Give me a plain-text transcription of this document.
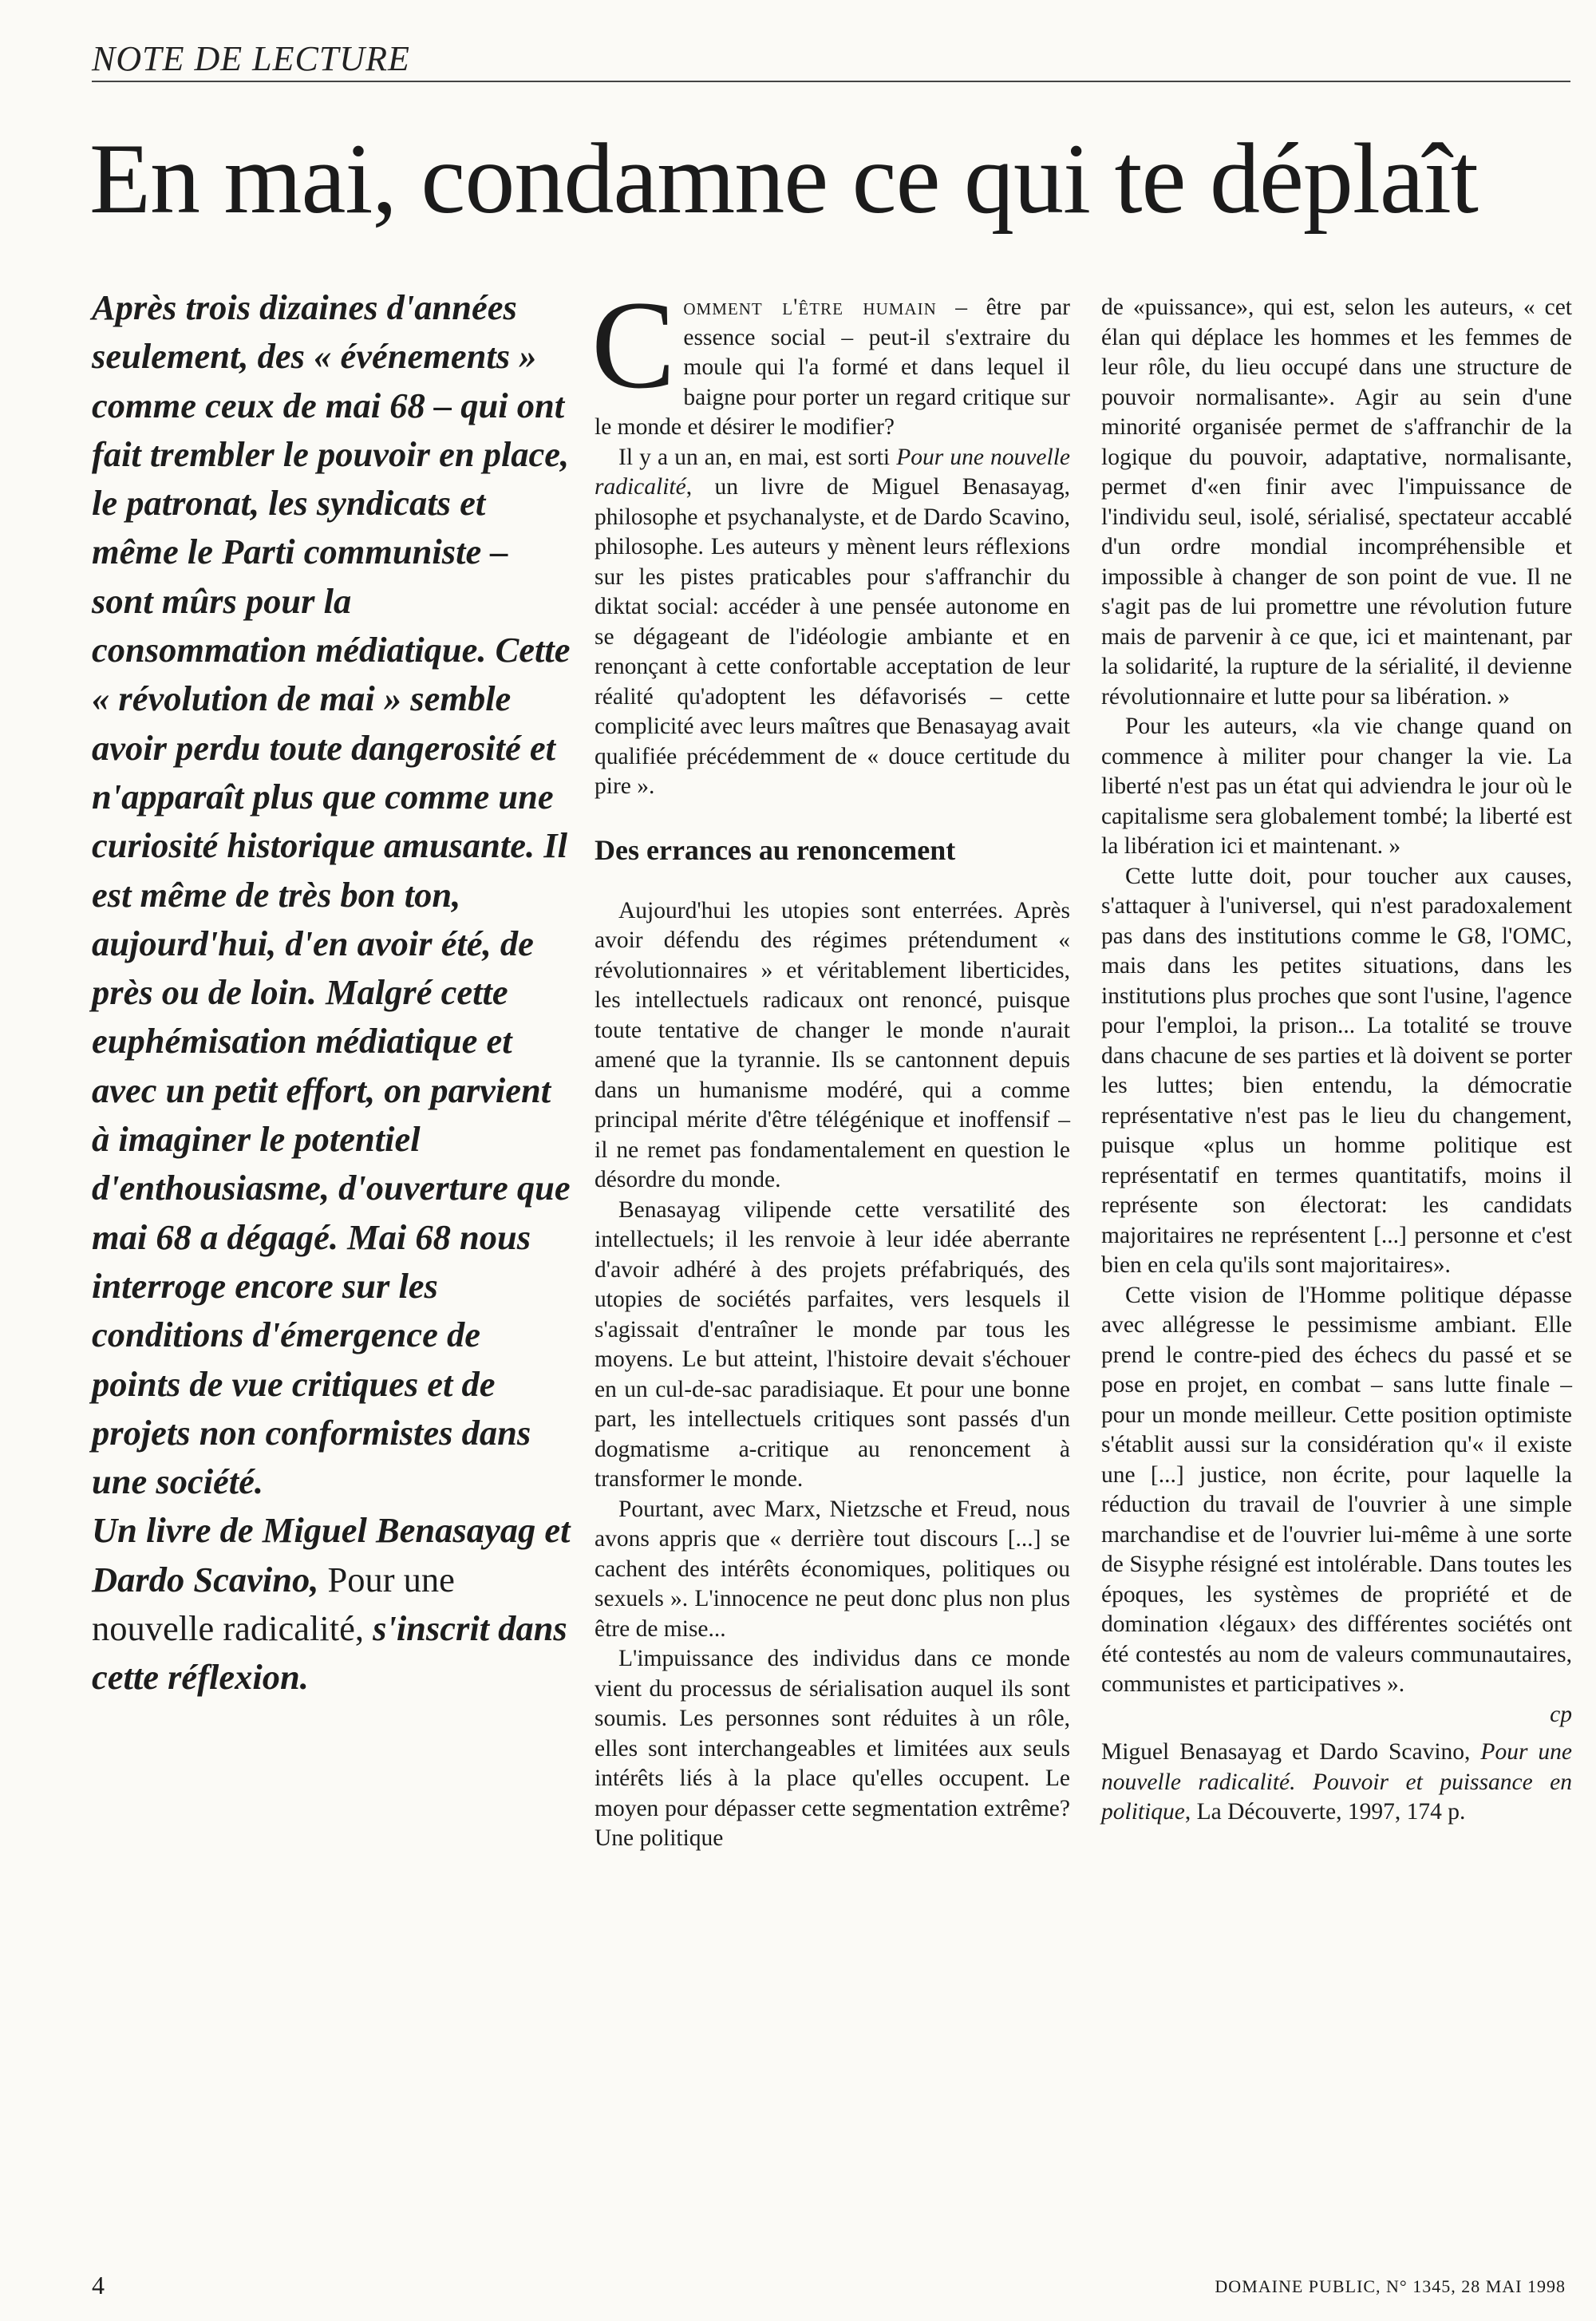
NOTE DE LECTURE
En mai, condamne ce qui te déplaît

Après trois dizaines d'années seulement, des « événements » comme ceux de mai 68 – qui ont fait trembler le pouvoir en place, le patronat, les syndicats et même le Parti communiste – sont mûrs pour la consommation médiatique. Cette « révolution de mai » semble avoir perdu toute dangerosité et n'apparaît plus que comme une curiosité historique amusante. Il est même de très bon ton, aujourd'hui, d'en avoir été, de près ou de loin. Malgré cette euphémisation médiatique et avec un petit effort, on parvient à imaginer le potentiel d'enthousiasme, d'ouverture que mai 68 a dégagé. Mai 68 nous interroge encore sur les conditions d'émergence de points de vue critiques et de projets non conformistes dans une société.

Un livre de Miguel Benasayag et Dardo Scavino, Pour une nouvelle radicalité, s'inscrit dans cette réflexion.

Comment l'être humain – être par essence social – peut-il s'extraire du moule qui l'a formé et dans lequel il baigne pour porter un regard critique sur le monde et désirer le modifier?

Il y a un an, en mai, est sorti Pour une nouvelle radicalité, un livre de Miguel Benasayag, philosophe et psychanalyste, et de Dardo Scavino, philosophe. Les auteurs y mènent leurs réflexions sur les pistes praticables pour s'affranchir du diktat social: accéder à une pensée autonome en se dégageant de l'idéologie ambiante et en renonçant à cette confortable acceptation de leur réalité qu'adoptent les défavorisés – cette complicité avec leurs maîtres que Benasayag avait qualifiée précédemment de « douce certitude du pire ».

Des errances au renoncement

Aujourd'hui les utopies sont enterrées. Après avoir défendu des régimes prétendument « révolutionnaires » et véritablement liberticides, les intellectuels radicaux ont renoncé, puisque toute tentative de changer le monde n'aurait amené que la tyrannie. Ils se cantonnent depuis dans un humanisme modéré, qui a comme principal mérite d'être télégénique et inoffensif – il ne remet pas fondamentalement en question le désordre du monde.

Benasayag vilipende cette versatilité des intellectuels; il les renvoie à leur idée aberrante d'avoir adhéré à des projets préfabriqués, des utopies de sociétés parfaites, vers lesquels il s'agissait d'entraîner le monde par tous les moyens. Le but atteint, l'histoire devait s'échouer en un cul-de-sac paradisiaque. Et pour une bonne part, les intellectuels critiques sont passés d'un dogmatisme a-critique au renoncement à transformer le monde.

Pourtant, avec Marx, Nietzsche et Freud, nous avons appris que « derrière tout discours [...] se cachent des intérêts économiques, politiques ou sexuels ». L'innocence ne peut donc plus non plus être de mise...

L'impuissance des individus dans ce monde vient du processus de sérialisation auquel ils sont soumis. Les personnes sont réduites à un rôle, elles sont interchangeables et limitées aux seuls intérêts liés à la place qu'elles occupent. Le moyen pour dépasser cette segmentation extrême? Une politique

de «puissance», qui est, selon les auteurs, « cet élan qui déplace les hommes et les femmes de leur rôle, du lieu occupé dans une structure de pouvoir normalisante». Agir au sein d'une minorité organisée permet de s'affranchir de la logique du pouvoir, adaptative, normalisante, permet d'«en finir avec l'impuissance de l'individu seul, isolé, sérialisé, spectateur accablé d'un ordre mondial incompréhensible et impossible à changer de son point de vue. Il ne s'agit pas de lui promettre une révolution future mais de parvenir à ce que, ici et maintenant, par la solidarité, la rupture de la sérialité, il devienne révolutionnaire et lutte pour sa libération. »

Pour les auteurs, «la vie change quand on commence à militer pour changer la vie. La liberté n'est pas un état qui adviendra le jour où le capitalisme sera globalement tombé; la liberté est la libération ici et maintenant. »

Cette lutte doit, pour toucher aux causes, s'attaquer à l'universel, qui n'est paradoxalement pas dans des institutions comme le G8, l'OMC, mais dans les petites situations, dans les institutions plus proches que sont l'usine, l'agence pour l'emploi, la prison... La totalité se trouve dans chacune de ses parties et là doivent se porter les luttes; bien entendu, la démocratie représentative n'est pas le lieu du changement, puisque «plus un homme politique est représentatif en termes quantitatifs, moins il représente son électorat: les candidats majoritaires ne représentent [...] personne et c'est bien en cela qu'ils sont majoritaires».

Cette vision de l'Homme politique dépasse avec allégresse le pessimisme ambiant. Elle prend le contre-pied des échecs du passé et se pose en projet, en combat – sans lutte finale – pour un monde meilleur. Cette position optimiste s'établit aussi sur la considération qu'« il existe une [...] justice, non écrite, pour laquelle la réduction du travail de l'ouvrier à une simple marchandise et de l'ouvrier lui-même à une sorte de Sisyphe résigné est intolérable. Dans toutes les époques, les systèmes de propriété et de domination ‹légaux› des différentes sociétés ont été contestés au nom de valeurs communautaires, communistes et participatives ».

cp

Miguel Benasayag et Dardo Scavino, Pour une nouvelle radicalité. Pouvoir et puissance en politique, La Découverte, 1997, 174 p.

4	DOMAINE PUBLIC, N° 1345, 28 MAI 1998
